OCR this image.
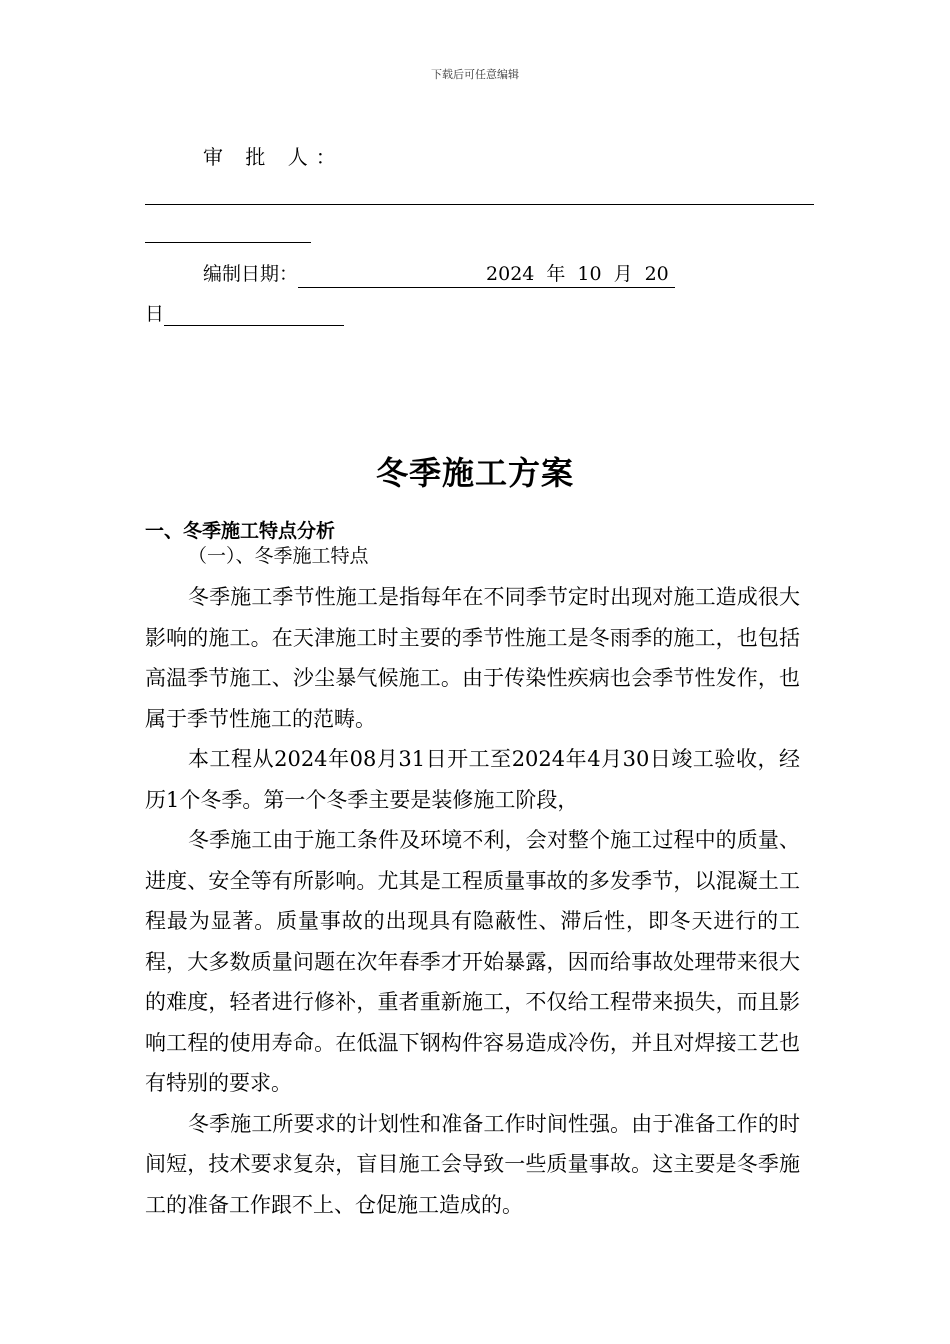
下载后可任意编辑
审 批 人：
编制日期：	2024 年 10 月 20
日
冬季施工方案
一、冬季施工特点分析
（一）、冬季施工特点

冬季施工季节性施工是指每年在不同季节定时出现对施工造成很大影响的施工。在天津施工时主要的季节性施工是冬雨季的施工，也包括高温季节施工、沙尘暴气候施工。由于传染性疾病也会季节性发作，也属于季节性施工的范畴。

本工程从2024年08月31日开工至2024年4月30日竣工验收，经历1个冬季。第一个冬季主要是装修施工阶段，

冬季施工由于施工条件及环境不利，会对整个施工过程中的质量、进度、安全等有所影响。尤其是工程质量事故的多发季节，以混凝土工程最为显著。质量事故的出现具有隐蔽性、滞后性，即冬天进行的工程，大多数质量问题在次年春季才开始暴露，因而给事故处理带来很大的难度，轻者进行修补，重者重新施工，不仅给工程带来损失，而且影响工程的使用寿命。在低温下钢构件容易造成冷伤，并且对焊接工艺也有特别的要求。

冬季施工所要求的计划性和准备工作时间性强。由于准备工作的时间短，技术要求复杂，盲目施工会导致一些质量事故。这主要是冬季施工的准备工作跟不上、仓促施工造成的。
